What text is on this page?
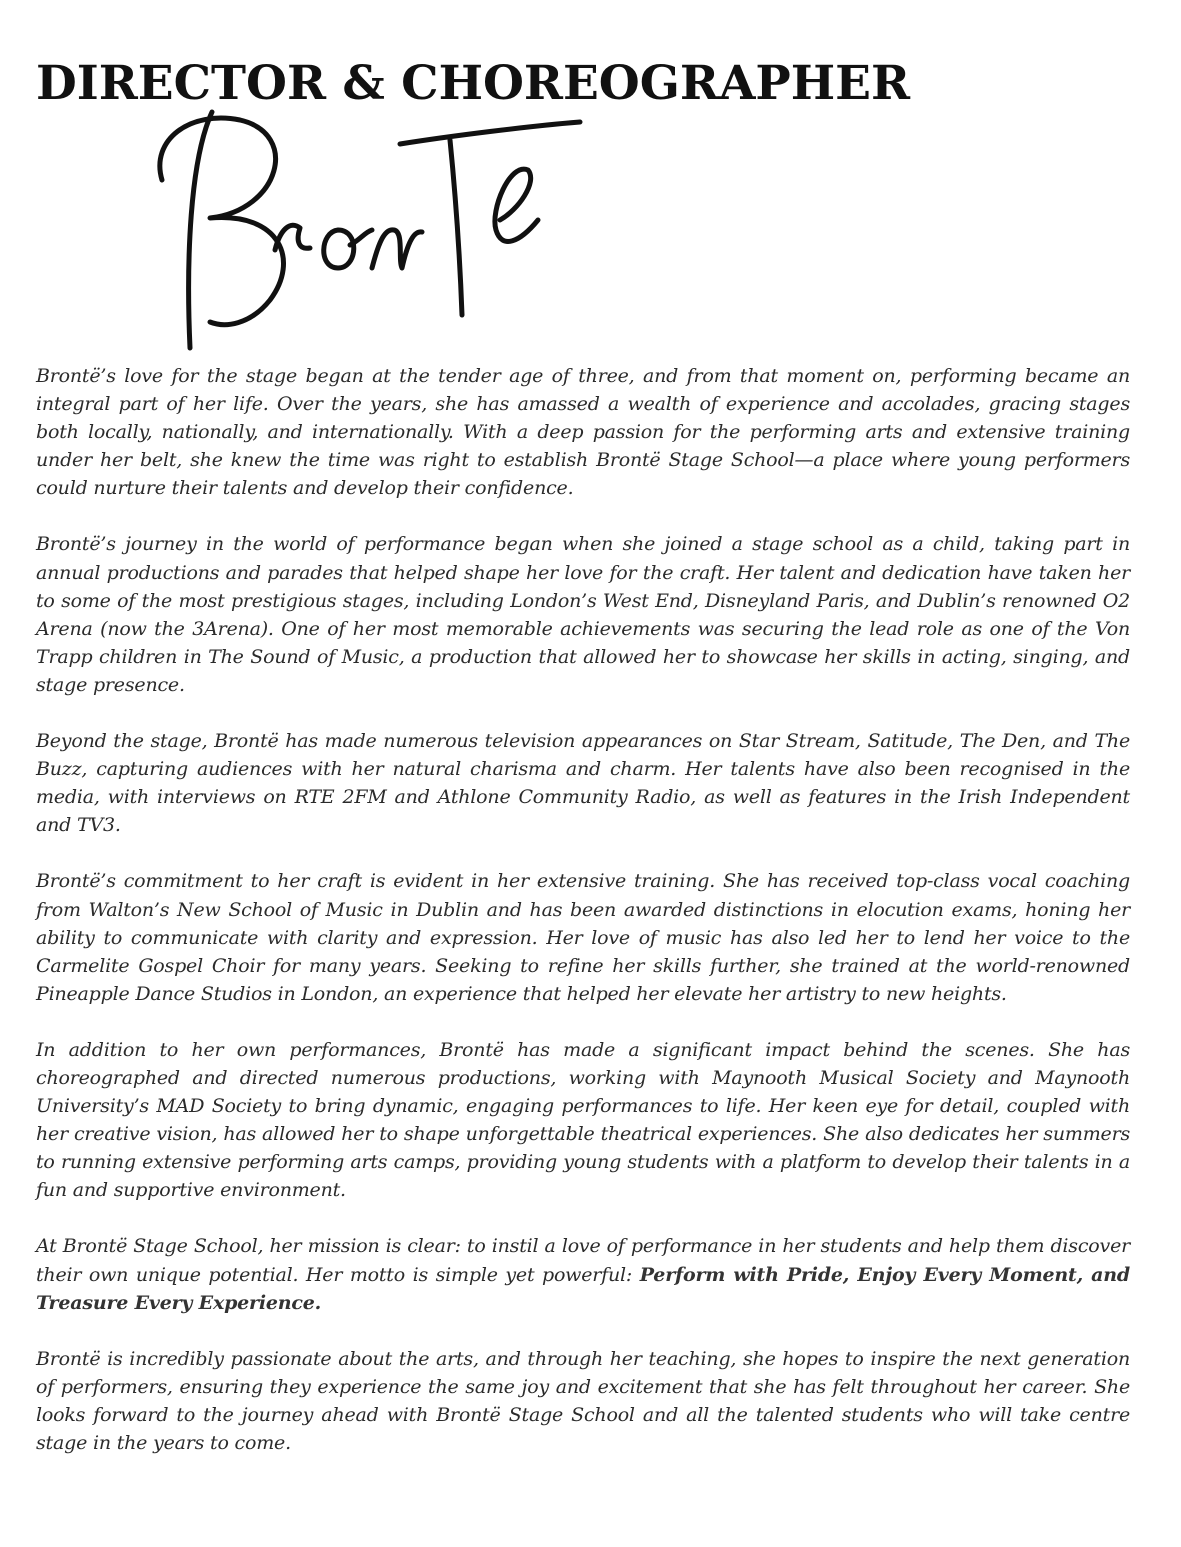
DIRECTOR & CHOREOGRAPHER

Brontë’s love for the stage began at the tender age of three, and from that moment on, performing became an integral part of her life. Over the years, she has amassed a wealth of experience and accolades, gracing stages both locally, nationally, and internationally. With a deep passion for the performing arts and extensive training under her belt, she knew the time was right to establish Brontë Stage School—a place where young performers could nurture their talents and develop their confidence.

Brontë’s journey in the world of performance began when she joined a stage school as a child, taking part in annual productions and parades that helped shape her love for the craft. Her talent and dedication have taken her to some of the most prestigious stages, including London’s West End, Disneyland Paris, and Dublin’s renowned O2 Arena (now the 3Arena). One of her most memorable achievements was securing the lead role as one of the Von Trapp children in The Sound of Music, a production that allowed her to showcase her skills in acting, singing, and stage presence.

Beyond the stage, Brontë has made numerous television appearances on Star Stream, Satitude, The Den, and The Buzz, capturing audiences with her natural charisma and charm. Her talents have also been recognised in the media, with interviews on RTE 2FM and Athlone Community Radio, as well as features in the Irish Independent and TV3.

Brontë’s commitment to her craft is evident in her extensive training. She has received top-class vocal coaching from Walton’s New School of Music in Dublin and has been awarded distinctions in elocution exams, honing her ability to communicate with clarity and expression. Her love of music has also led her to lend her voice to the Carmelite Gospel Choir for many years. Seeking to refine her skills further, she trained at the world-renowned Pineapple Dance Studios in London, an experience that helped her elevate her artistry to new heights.

In addition to her own performances, Brontë has made a significant impact behind the scenes. She has choreographed and directed numerous productions, working with Maynooth Musical Society and Maynooth University’s MAD Society to bring dynamic, engaging performances to life. Her keen eye for detail, coupled with her creative vision, has allowed her to shape unforgettable theatrical experiences. She also dedicates her summers to running extensive performing arts camps, providing young students with a platform to develop their talents in a fun and supportive environment.

At Brontë Stage School, her mission is clear: to instil a love of performance in her students and help them discover their own unique potential. Her motto is simple yet powerful: Perform with Pride, Enjoy Every Moment, and Treasure Every Experience.

Brontë is incredibly passionate about the arts, and through her teaching, she hopes to inspire the next generation of performers, ensuring they experience the same joy and excitement that she has felt throughout her career. She looks forward to the journey ahead with Brontë Stage School and all the talented students who will take centre stage in the years to come.
